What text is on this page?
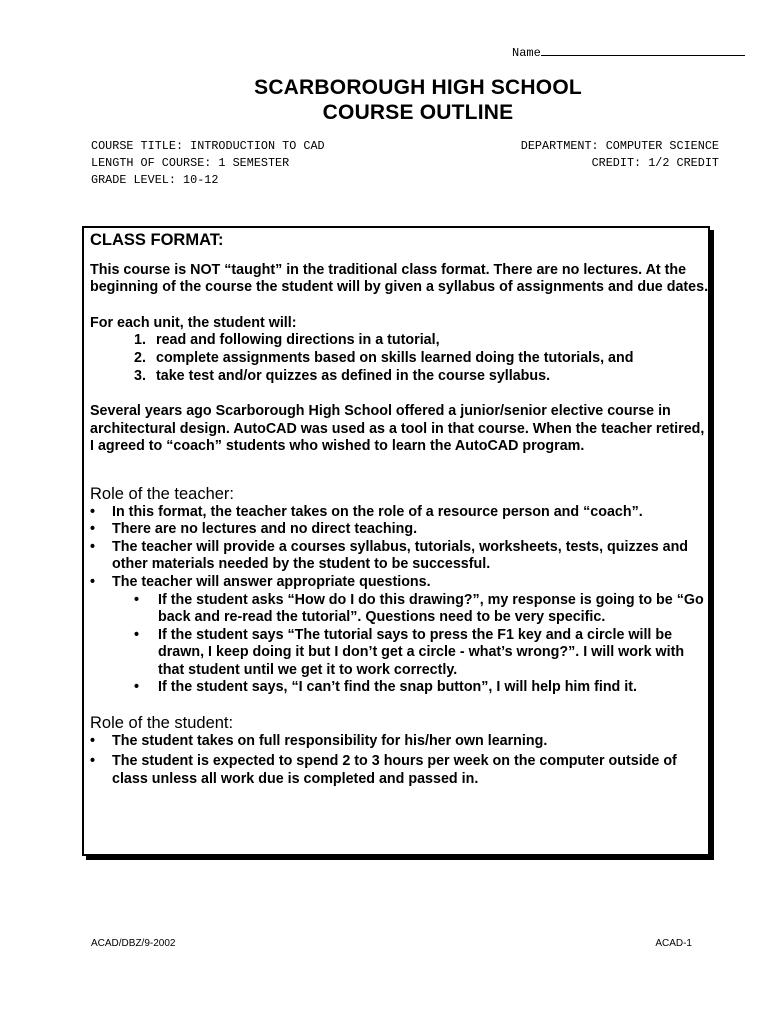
Name
SCARBOROUGH HIGH SCHOOL
COURSE OUTLINE
COURSE TITLE: INTRODUCTION TO CAD	DEPARTMENT: COMPUTER SCIENCE
LENGTH OF COURSE: 1 SEMESTER	CREDIT: 1/2 CREDIT
GRADE LEVEL: 10-12

CLASS FORMAT:

This course is NOT “taught” in the traditional class format. There are no lectures. At the beginning of the course the student will by given a syllabus of assignments and due dates.

For each unit, the student will:

1. read and following directions in a tutorial,
2. complete assignments based on skills learned doing the tutorials, and
3. take test and/or quizzes as defined in the course syllabus.

Several years ago Scarborough High School offered a junior/senior elective course in architectural design. AutoCAD was used as a tool in that course. When the teacher retired, I agreed to “coach” students who wished to learn the AutoCAD program.

Role of the teacher:

• In this format, the teacher takes on the role of a resource person and “coach”.
• There are no lectures and no direct teaching.
• The teacher will provide a courses syllabus, tutorials, worksheets, tests, quizzes and other materials needed by the student to be successful.
• The teacher will answer appropriate questions.
• If the student asks “How do I do this drawing?”, my response is going to be “Go back and re-read the tutorial”. Questions need to be very specific.
• If the student says “The tutorial says to press the F1 key and a circle will be drawn, I keep doing it but I don’t get a circle - what’s wrong?”. I will work with that student until we get it to work correctly.
• If the student says, “I can’t find the snap button”, I will help him find it.

Role of the student:

• The student takes on full responsibility for his/her own learning.
• The student is expected to spend 2 to 3 hours per week on the computer outside of class unless all work due is completed and passed in.
ACAD/DBZ/9-2002	ACAD-1
